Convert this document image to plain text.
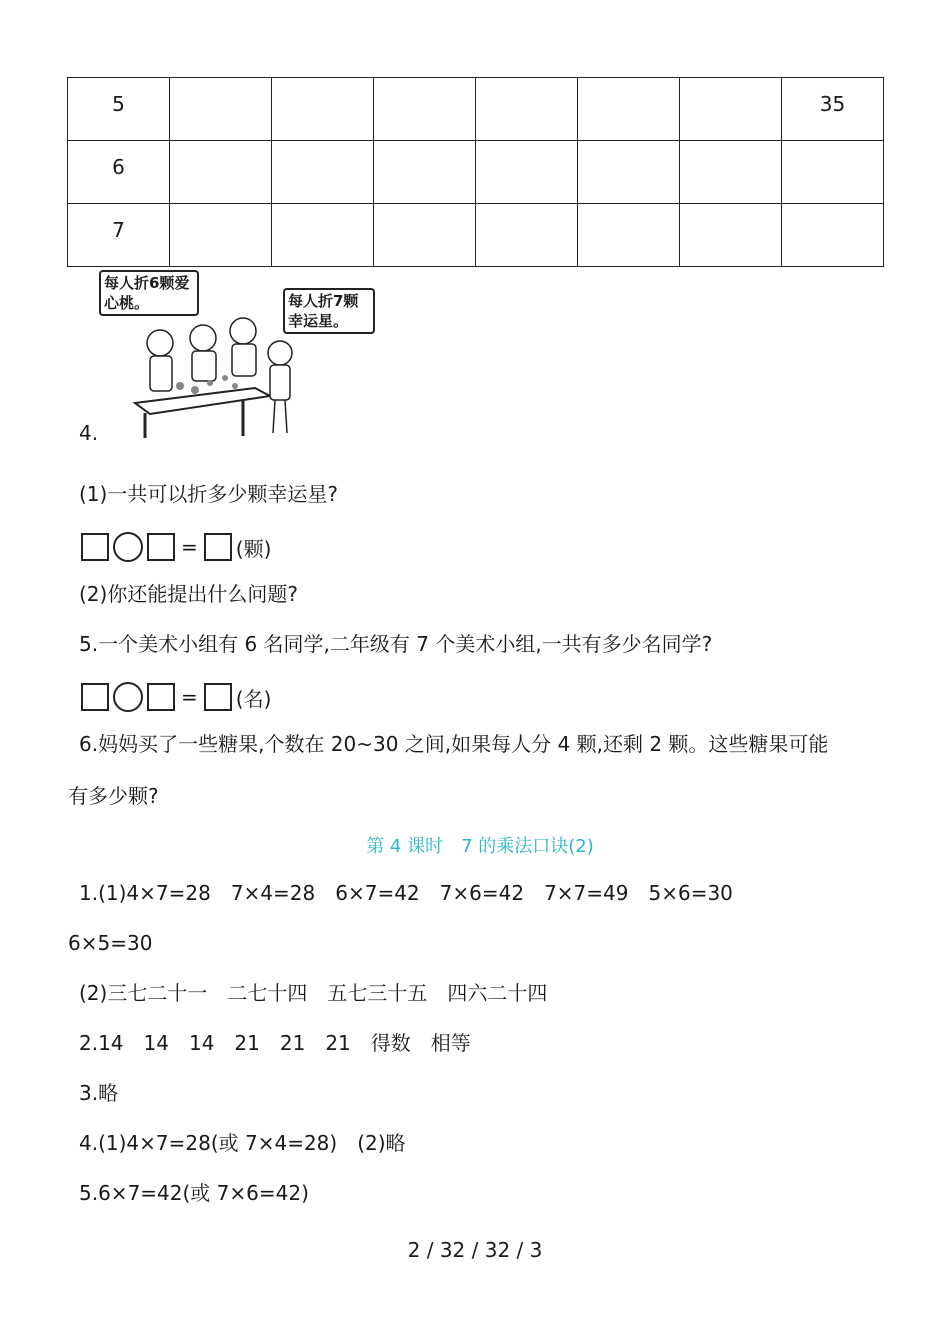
5							35
6							
7							
每人折6颗爱心桃。	每人折7颗幸运星。
4.
(1)一共可以折多少颗幸运星?
= (颗)
(2)你还能提出什么问题?
5.一个美术小组有 6 名同学,二年级有 7 个美术小组,一共有多少名同学?
= (名)
6.妈妈买了一些糖果,个数在 20~30 之间,如果每人分 4 颗,还剩 2 颗。这些糖果可能
有多少颗?
第 4 课时　7 的乘法口诀(2)
1.(1)4×7=28　7×4=28　6×7=42　7×6=42　7×7=49　5×6=30
6×5=30
(2)三七二十一　二七十四　五七三十五　四六二十四
2.14　14　14　21　21　21　得数　相等
3.略
4.(1)4×7=28(或 7×4=28)　(2)略
5.6×7=42(或 7×6=42)
2 / 32 / 32 / 3
